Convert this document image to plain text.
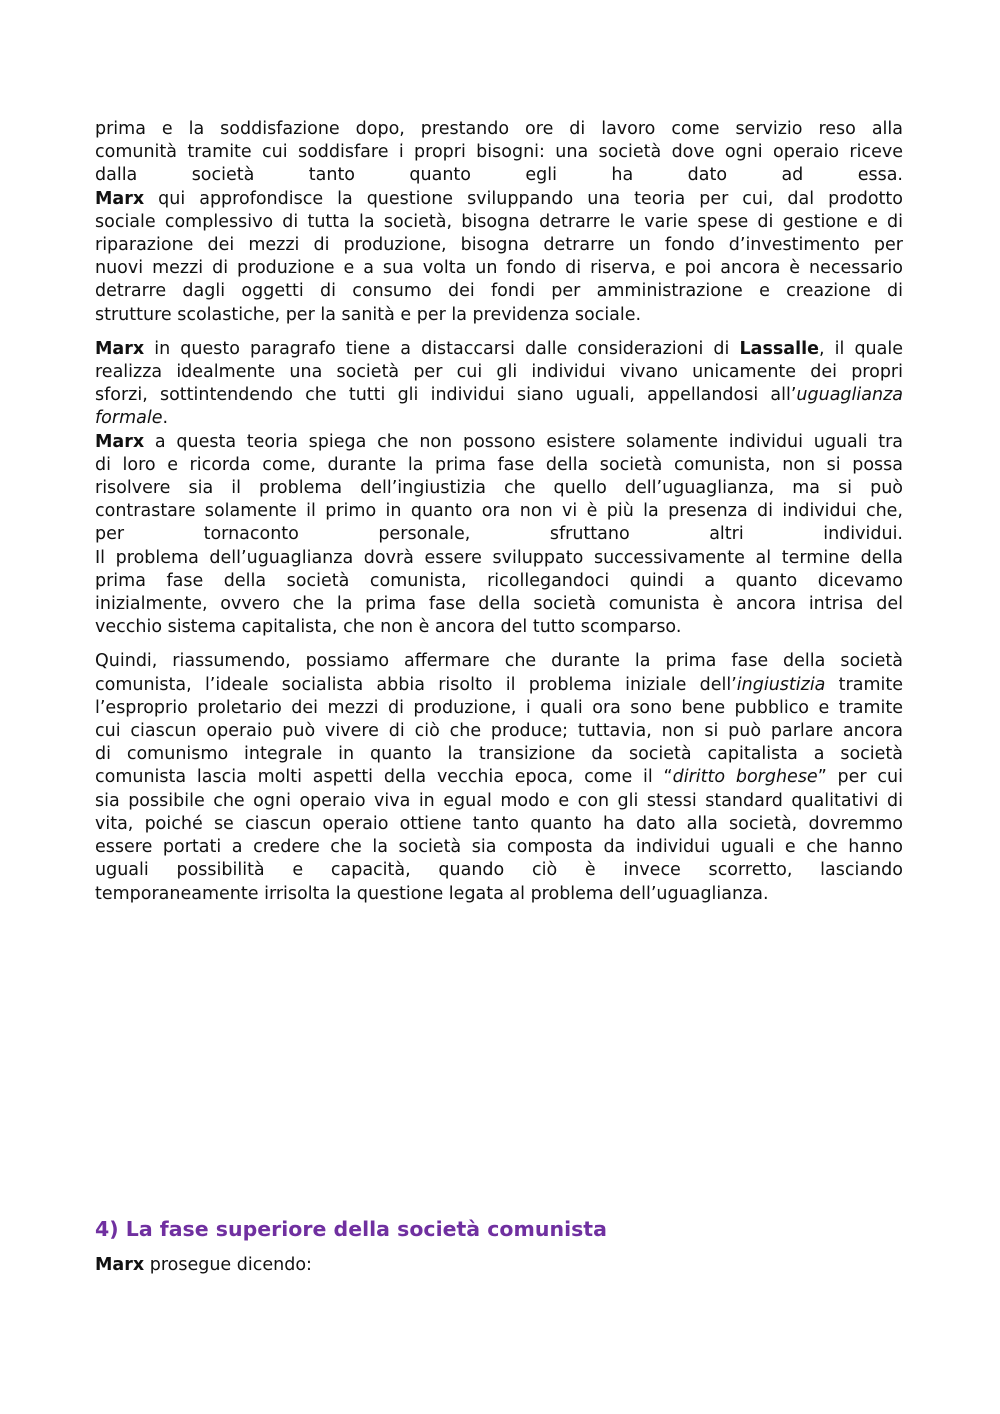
prima e la soddisfazione dopo, prestando ore di lavoro come servizio reso alla
comunità tramite cui soddisfare i propri bisogni: una società dove ogni operaio riceve
dalla società tanto quanto egli ha dato ad essa.
Marx qui approfondisce la questione sviluppando una teoria per cui, dal prodotto
sociale complessivo di tutta la società, bisogna detrarre le varie spese di gestione e di
riparazione dei mezzi di produzione, bisogna detrarre un fondo d’investimento per
nuovi mezzi di produzione e a sua volta un fondo di riserva, e poi ancora è necessario
detrarre dagli oggetti di consumo dei fondi per amministrazione e creazione di
strutture scolastiche, per la sanità e per la previdenza sociale.

Marx in questo paragrafo tiene a distaccarsi dalle considerazioni di Lassalle, il quale
realizza idealmente una società per cui gli individui vivano unicamente dei propri
sforzi, sottintendendo che tutti gli individui siano uguali, appellandosi all’uguaglianza
formale.
Marx a questa teoria spiega che non possono esistere solamente individui uguali tra
di loro e ricorda come, durante la prima fase della società comunista, non si possa
risolvere sia il problema dell’ingiustizia che quello dell’uguaglianza, ma si può
contrastare solamente il primo in quanto ora non vi è più la presenza di individui che,
per tornaconto personale, sfruttano altri individui.
Il problema dell’uguaglianza dovrà essere sviluppato successivamente al termine della
prima fase della società comunista, ricollegandoci quindi a quanto dicevamo
inizialmente, ovvero che la prima fase della società comunista è ancora intrisa del
vecchio sistema capitalista, che non è ancora del tutto scomparso.

Quindi, riassumendo, possiamo affermare che durante la prima fase della società
comunista, l’ideale socialista abbia risolto il problema iniziale dell’ingiustizia tramite
l’esproprio proletario dei mezzi di produzione, i quali ora sono bene pubblico e tramite
cui ciascun operaio può vivere di ciò che produce; tuttavia, non si può parlare ancora
di comunismo integrale in quanto la transizione da società capitalista a società
comunista lascia molti aspetti della vecchia epoca, come il “diritto borghese” per cui
sia possibile che ogni operaio viva in egual modo e con gli stessi standard qualitativi di
vita, poiché se ciascun operaio ottiene tanto quanto ha dato alla società, dovremmo
essere portati a credere che la società sia composta da individui uguali e che hanno
uguali possibilità e capacità, quando ciò è invece scorretto, lasciando
temporaneamente irrisolta la questione legata al problema dell’uguaglianza.

4) La fase superiore della società comunista

Marx prosegue dicendo:
